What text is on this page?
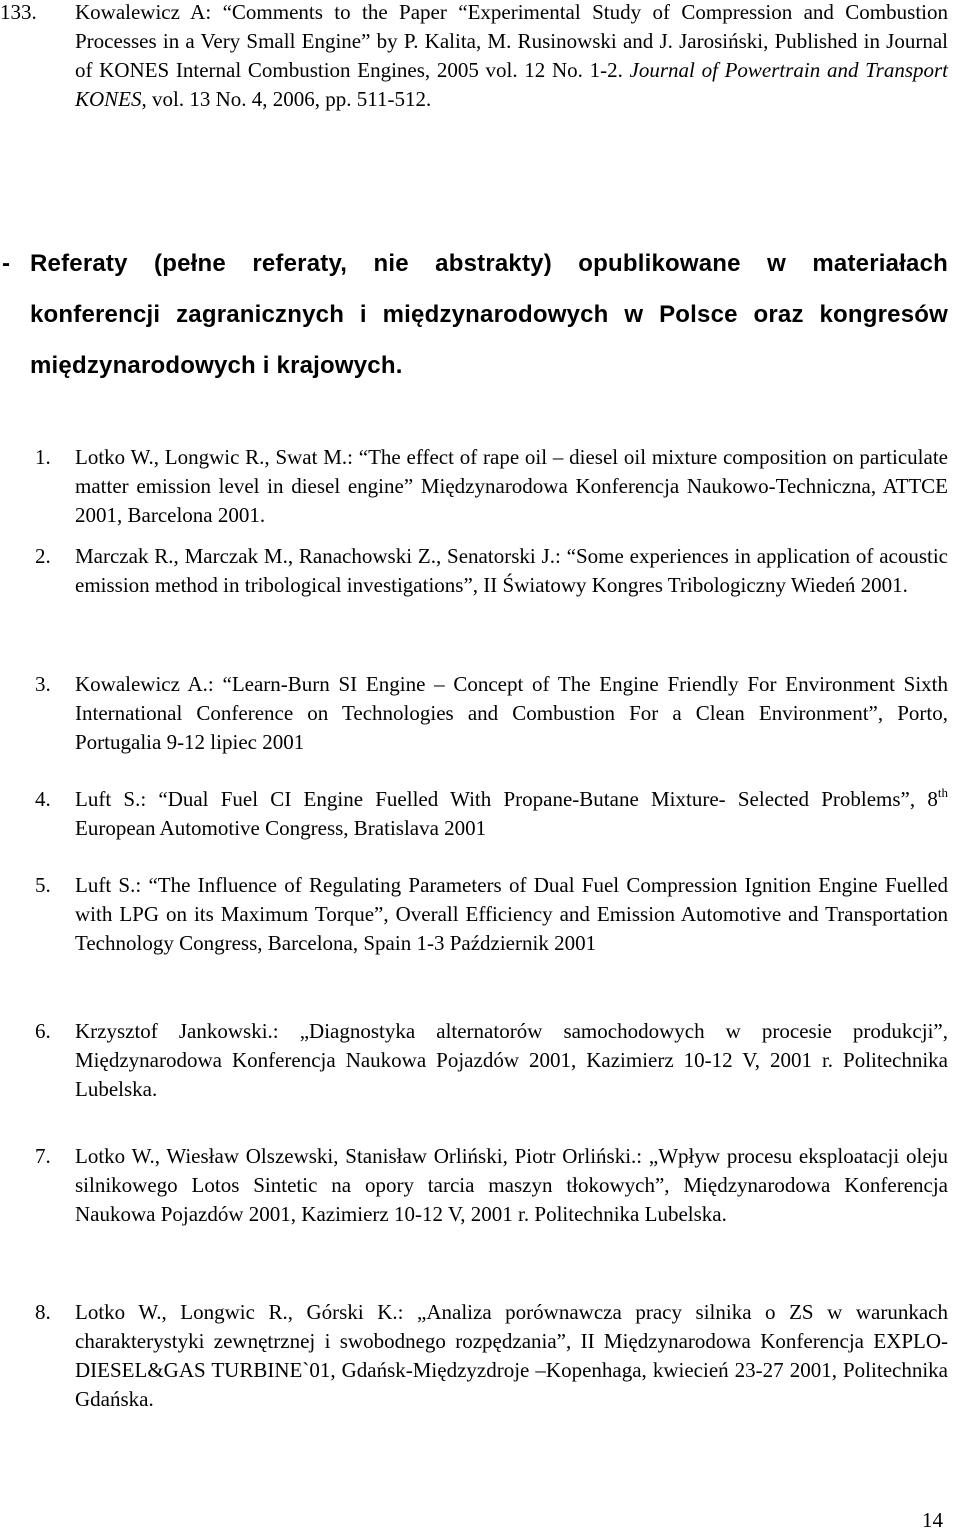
133. Kowalewicz A: “Comments to the Paper “Experimental Study of Compression and Combustion Processes in a Very Small Engine” by P. Kalita, M. Rusinowski and J. Jarosiński, Published in Journal of KONES Internal Combustion Engines, 2005 vol. 12 No. 1-2. Journal of Powertrain and Transport KONES, vol. 13 No. 4, 2006, pp. 511-512.
- Referaty (pełne referaty, nie abstrakty) opublikowane w materiałach konferencji zagranicznych i międzynarodowych w Polsce oraz kongresów międzynarodowych i krajowych.
1. Lotko W., Longwic R., Swat M.: “The effect of rape oil – diesel oil mixture composition on particulate matter emission level in diesel engine” Międzynarodowa Konferencja Naukowo-Techniczna, ATTCE 2001, Barcelona 2001.
2. Marczak R., Marczak M., Ranachowski Z., Senatorski J.: “Some experiences in application of acoustic emission method in tribological investigations”, II Światowy Kongres Tribologiczny Wiedeń 2001.
3. Kowalewicz A.: “Learn-Burn SI Engine – Concept of The Engine Friendly For Environment Sixth International Conference on Technologies and Combustion For a Clean Environment”, Porto, Portugalia 9-12 lipiec 2001
4. Luft S.: “Dual Fuel CI Engine Fuelled With Propane-Butane Mixture- Selected Problems”, 8th European Automotive Congress, Bratislava 2001
5. Luft S.: “The Influence of Regulating Parameters of Dual Fuel Compression Ignition Engine Fuelled with LPG on its Maximum Torque”, Overall Efficiency and Emission Automotive and Transportation Technology Congress, Barcelona, Spain 1-3 Październik 2001
6. Krzysztof Jankowski.: „Diagnostyka alternatorów samochodowych w procesie produkcji”, Międzynarodowa Konferencja Naukowa Pojazdów 2001, Kazimierz 10-12 V, 2001 r. Politechnika Lubelska.
7. Lotko W., Wiesław Olszewski, Stanisław Orliński, Piotr Orliński.: „Wpływ procesu eksploatacji oleju silnikowego Lotos Sintetic na opory tarcia maszyn tłokowych”, Międzynarodowa Konferencja Naukowa Pojazdów 2001, Kazimierz 10-12 V, 2001 r. Politechnika Lubelska.
8. Lotko W., Longwic R., Górski K.: „Analiza porównawcza pracy silnika o ZS w warunkach charakterystyki zewnętrznej i swobodnego rozpędzania”, II Międzynarodowa Konferencja EXPLO- DIESEL&GAS TURBINE`01, Gdańsk-Międzyzdroje –Kopenhaga, kwiecień 23-27 2001, Politechnika Gdańska.
14
